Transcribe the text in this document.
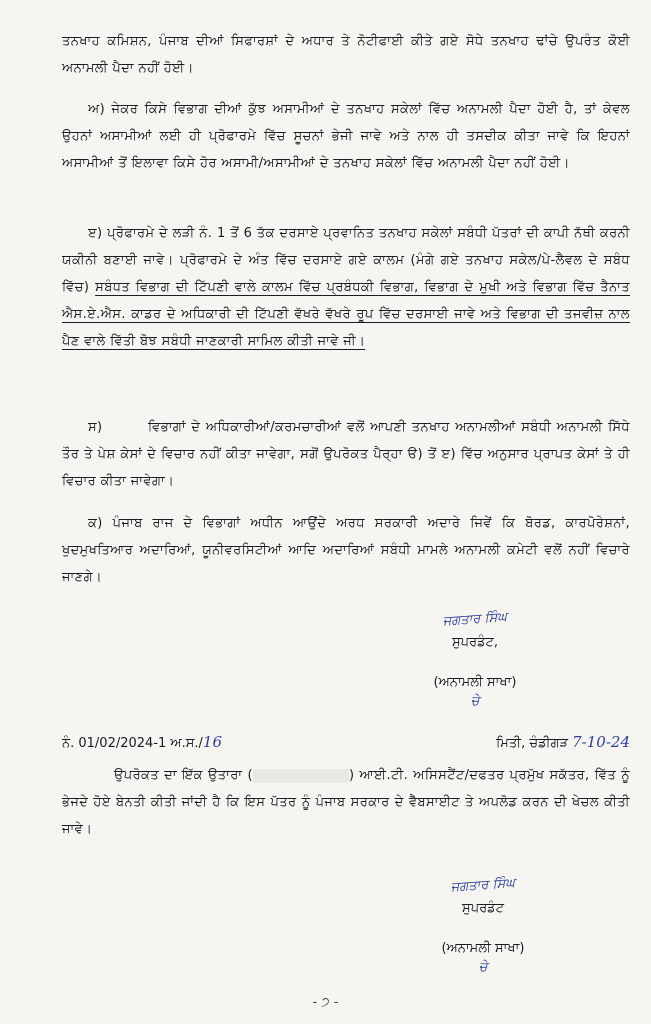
ਤਨਖਾਹ ਕਮਿਸ਼ਨ, ਪੰਜਾਬ ਦੀਆਂ ਸਿਫਾਰਸ਼ਾਂ ਦੇ ਅਧਾਰ ਤੇ ਨੋਟੀਫਾਈ ਕੀਤੇ ਗਏ ਸੋਧੇ ਤਨਖਾਹ ਢਾਂਚੇ ਉਪਰੰਤ ਕੋਈ ਅਨਾਮਲੀ ਪੈਦਾ ਨਹੀਂ ਹੋਈ।
ਅ) ਜੇਕਰ ਕਿਸੇ ਵਿਭਾਗ ਦੀਆਂ ਕੁੱਝ ਅਸਾਮੀਆਂ ਦੇ ਤਨਖਾਹ ਸਕੇਲਾਂ ਵਿੱਚ ਅਨਾਮਲੀ ਪੈਦਾ ਹੋਈ ਹੈ, ਤਾਂ ਕੇਵਲ ਉਹਨਾਂ ਅਸਾਮੀਆਂ ਲਈ ਹੀ ਪ੍ਰੋਫਾਰਮੇ ਵਿੱਚ ਸੂਚਨਾਂ ਭੇਜੀ ਜਾਵੇ ਅਤੇ ਨਾਲ ਹੀ ਤਸਦੀਕ ਕੀਤਾ ਜਾਵੇ ਕਿ ਇਹਨਾਂ ਅਸਾਮੀਆਂ ਤੋਂ ਇਲਾਵਾ ਕਿਸੇ ਹੋਰ ਅਸਾਮੀ/ਅਸਾਮੀਆਂ ਦੇ ਤਨਖਾਹ ਸਕੇਲਾਂ ਵਿੱਚ ਅਨਾਮਲੀ ਪੈਦਾ ਨਹੀਂ ਹੋਈ।
ੲ) ਪ੍ਰੋਫਾਰਮੇ ਦੇ ਲੜੀ ਨੰ. 1 ਤੋਂ 6 ਤੱਕ ਦਰਸਾਏ ਪ੍ਰਵਾਨਿਤ ਤਨਖਾਹ ਸਕੇਲਾਂ ਸਬੰਧੀ ਪੱਤਰਾਂ ਦੀ ਕਾਪੀ ਨੱਥੀ ਕਰਨੀ ਯਕੀਨੀ ਬਣਾਈ ਜਾਵੇ। ਪ੍ਰੋਫਾਰਮੇ ਦੇ ਅੰਤ ਵਿੱਚ ਦਰਸਾਏ ਗਏ ਕਾਲਮ (ਮੰਗੇ ਗਏ ਤਨਖਾਹ ਸਕੇਲ/ਪੇ-ਲੈਵਲ ਦੇ ਸਬੰਧ ਵਿੱਚ) ਸਬੰਧਤ ਵਿਭਾਗ ਦੀ ਟਿੱਪਣੀ ਵਾਲੇ ਕਾਲਮ ਵਿੱਚ ਪ੍ਰਬੰਧਕੀ ਵਿਭਾਗ, ਵਿਭਾਗ ਦੇ ਮੁਖੀ ਅਤੇ ਵਿਭਾਗ ਵਿੱਚ ਤੈਨਾਤ ਐਸ.ਏ.ਐਸ. ਕਾਡਰ ਦੇ ਅਧਿਕਾਰੀ ਦੀ ਟਿੱਪਣੀ ਵੱਖਰੇ ਵੱਖਰੇ ਰੂਪ ਵਿੱਚ ਦਰਸਾਈ ਜਾਵੇ ਅਤੇ ਵਿਭਾਗ ਦੀ ਤਜਵੀਜ਼ ਨਾਲ ਪੈਣ ਵਾਲੇ ਵਿੱਤੀ ਬੋਝ ਸਬੰਧੀ ਜਾਣਕਾਰੀ ਸਾਮਿਲ ਕੀਤੀ ਜਾਵੇ ਜੀ।
ਸ)	ਵਿਭਾਗਾਂ ਦੇ ਅਧਿਕਾਰੀਆਂ/ਕਰਮਚਾਰੀਆਂ ਵਲੋਂ ਆਪਣੀ ਤਨਖਾਹ ਅਨਾਮਲੀਆਂ ਸਬੰਧੀ ਅਨਾਮਲੀ ਸਿੱਧੇ ਤੌਰ ਤੇ ਪੇਸ਼ ਕੇਸਾਂ ਦੇ ਵਿਚਾਰ ਨਹੀਂ ਕੀਤਾ ਜਾਵੇਗਾ, ਸਗੋਂ ਉਪਰੋਕਤ ਪੈਰ੍ਹਾ ੳ) ਤੋਂ ੲ) ਵਿੱਚ ਅਨੁਸਾਰ ਪ੍ਰਾਪਤ ਕੇਸਾਂ ਤੇ ਹੀ ਵਿਚਾਰ ਕੀਤਾ ਜਾਵੇਗਾ।
ਕ) ਪੰਜਾਬ ਰਾਜ ਦੇ ਵਿਭਾਗਾਂ ਅਧੀਨ ਆਉਂਦੇ ਅਰਧ ਸਰਕਾਰੀ ਅਦਾਰੇ ਜਿਵੇਂ ਕਿ ਬੋਰਡ, ਕਾਰਪੋਰੇਸ਼ਨਾਂ, ਖੁਦਮੁਖਤਿਆਰ ਅਦਾਰਿਆਂ, ਯੂਨੀਵਰਸਿਟੀਆਂ ਆਦਿ ਅਦਾਰਿਆਂ ਸਬੰਧੀ ਮਾਮਲੇ ਅਨਾਮਲੀ ਕਮੇਟੀ ਵਲੋਂ ਨਹੀਂ ਵਿਚਾਰੇ ਜਾਣਗੇ।
ਜਗਤਾਰ ਸਿੰਘ
ਸੁਪਰਡੰਟ,
(ਅਨਾਮਲੀ ਸਾਖਾ)
ਚੇ
ਨੰ. 01/02/2024-1 ਅ.ਸ./16	ਮਿਤੀ, ਚੰਡੀਗੜ 7-10-24
ਉਪਰੋਕਤ ਦਾ ਇੱਕ ਉਤਾਰਾ (	) ਆਈ.ਟੀ. ਅਸਿਸਟੈਂਟ/ਦਫਤਰ ਪ੍ਰਮੁੱਖ ਸਕੱਤਰ, ਵਿੱਤ ਨੂੰ ਭੇਜਦੇ ਹੋਏ ਬੇਨਤੀ ਕੀਤੀ ਜਾਂਦੀ ਹੈ ਕਿ ਇਸ ਪੱਤਰ ਨੂੰ ਪੰਜਾਬ ਸਰਕਾਰ ਦੇ ਵੈੱਬਸਾਈਟ ਤੇ ਅਪਲੋਡ ਕਰਨ ਦੀ ਖੇਚਲ ਕੀਤੀ ਜਾਵੇ।
ਜਗਤਾਰ ਸਿੰਘ
ਸੁਪਰਡੰਟ
(ਅਨਾਮਲੀ ਸਾਖਾ)
ਚੇ
- ੭ -
